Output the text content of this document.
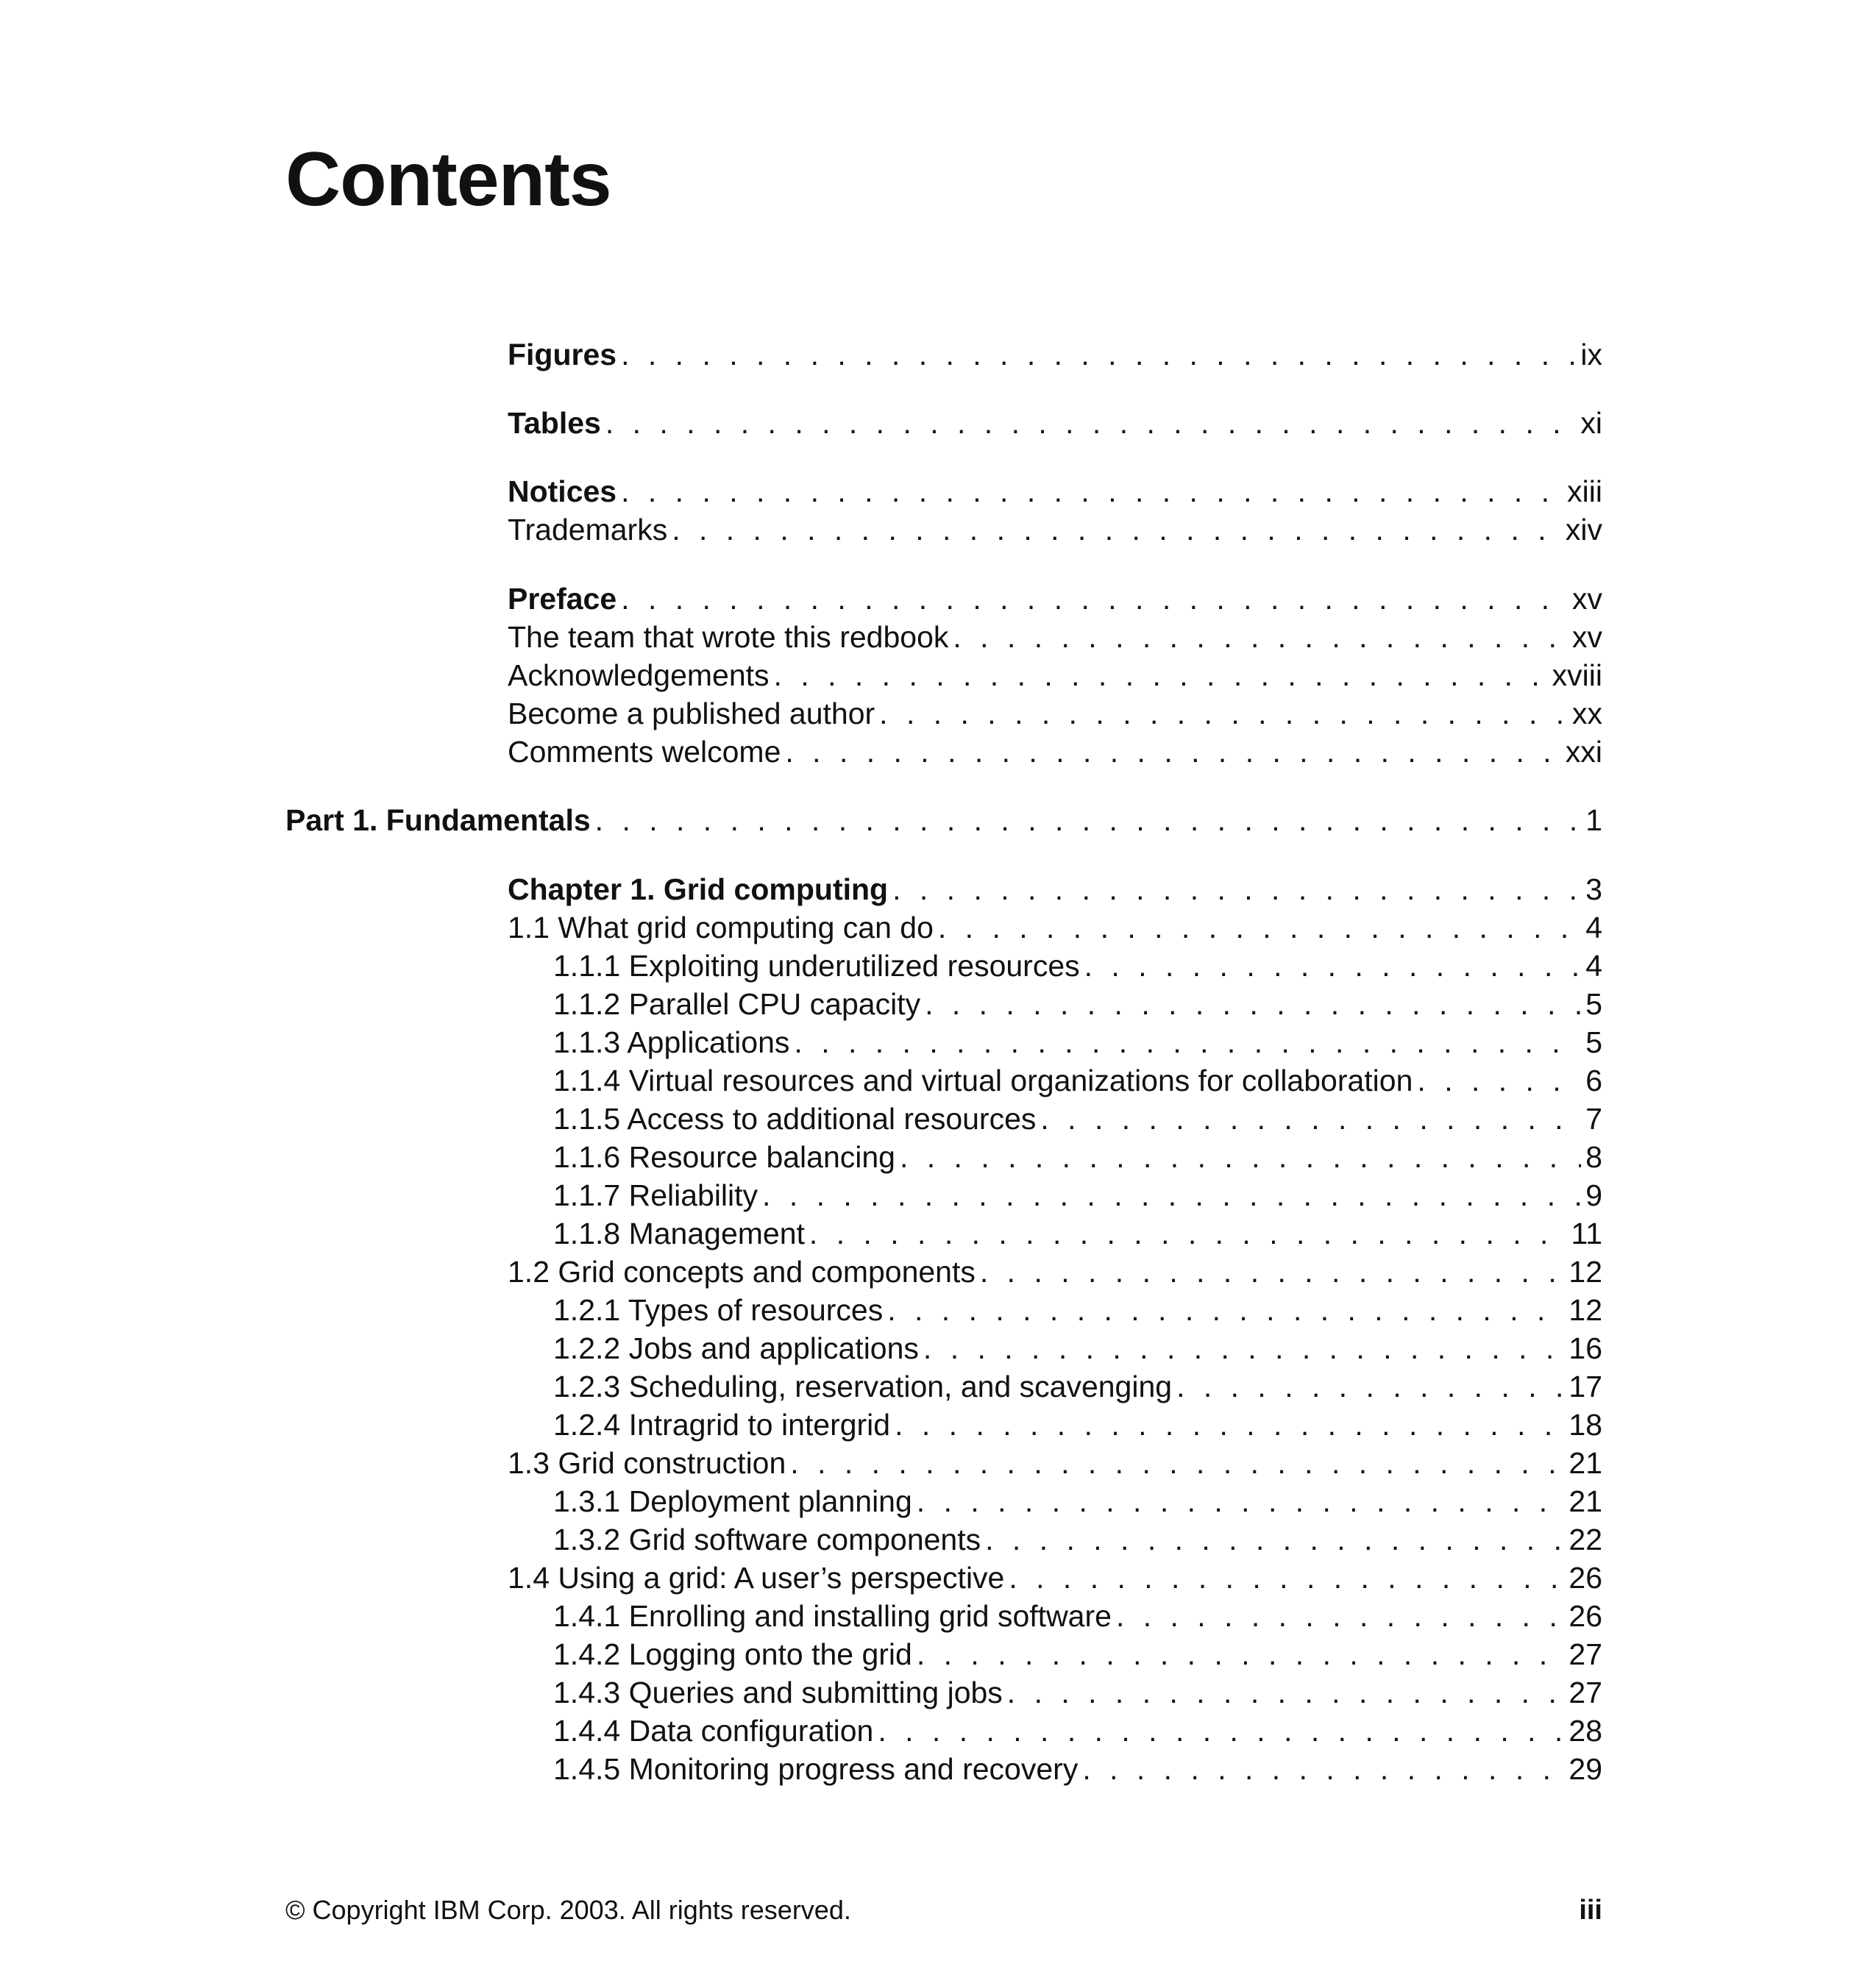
Contents
Figures . . .	ix
Tables . . .	xi
Notices . . .	xiii
Trademarks . . .	xiv
Preface . . .	xv
The team that wrote this redbook . . .	xv
Acknowledgements . . .	xviii
Become a published author . . .	xx
Comments welcome . . .	xxi
Part 1. Fundamentals . . .	1
Chapter 1. Grid computing . . .	3
1.1 What grid computing can do . . .	4
1.1.1 Exploiting underutilized resources . . .	4
1.1.2 Parallel CPU capacity . . .	5
1.1.3 Applications . . .	5
1.1.4 Virtual resources and virtual organizations for collaboration . . .	6
1.1.5 Access to additional resources . . .	7
1.1.6 Resource balancing . . .	8
1.1.7 Reliability . . .	9
1.1.8 Management . . .	11
1.2 Grid concepts and components . . .	12
1.2.1 Types of resources . . .	12
1.2.2 Jobs and applications . . .	16
1.2.3 Scheduling, reservation, and scavenging . . .	17
1.2.4 Intragrid to intergrid . . .	18
1.3 Grid construction . . .	21
1.3.1 Deployment planning . . .	21
1.3.2 Grid software components . . .	22
1.4 Using a grid: A user’s perspective . . .	26
1.4.1 Enrolling and installing grid software . . .	26
1.4.2 Logging onto the grid . . .	27
1.4.3 Queries and submitting jobs . . .	27
1.4.4 Data configuration . . .	28
1.4.5 Monitoring progress and recovery . . .	29
© Copyright IBM Corp. 2003. All rights reserved.	iii
